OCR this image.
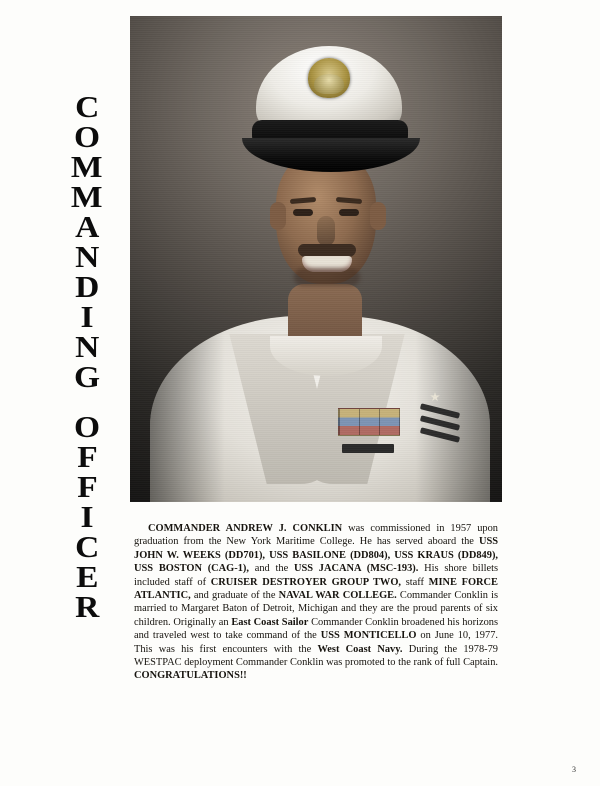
C
O
M
M
A
N
D
I
N
G
O
F
F
I
C
E
R
COMMANDER ANDREW J. CONKLIN was commissioned in 1957 upon graduation from the New York Maritime College. He has served aboard the USS JOHN W. WEEKS (DD701), USS BASILONE (DD804), USS KRAUS (DD849), USS BOSTON (CAG-1), and the USS JACANA (MSC-193). His shore billets included staff of CRUISER DESTROYER GROUP TWO, staff MINE FORCE ATLANTIC, and graduate of the NAVAL WAR COLLEGE. Commander Conklin is married to Margaret Baton of Detroit, Michigan and they are the proud parents of six children. Originally an East Coast Sailor Commander Conklin broadened his horizons and traveled west to take command of the USS MONTICELLO on June 10, 1977. This was his first encounters with the West Coast Navy. During the 1978-79 WESTPAC deployment Commander Conklin was promoted to the rank of full Captain. CONGRATULATIONS!!
3
